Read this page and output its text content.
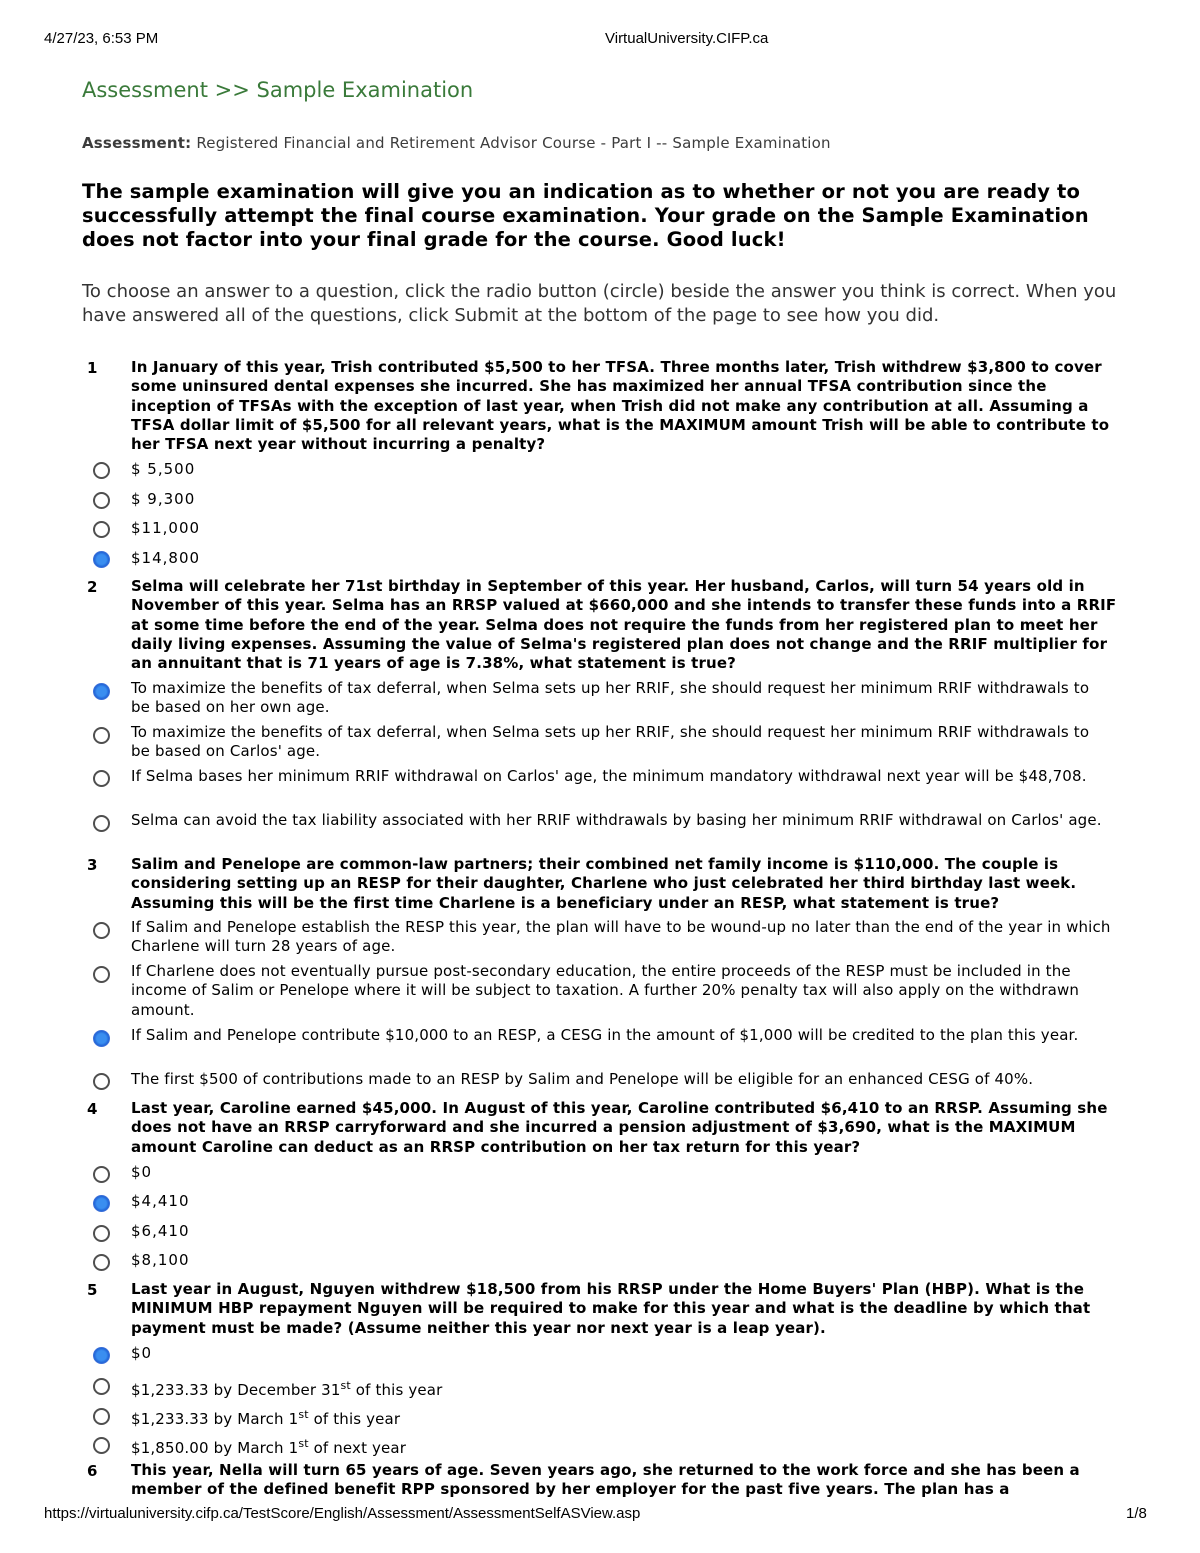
4/27/23, 6:53 PM	VirtualUniversity.CIFP.ca
Assessment >> Sample Examination
Assessment: Registered Financial and Retirement Advisor Course - Part I -- Sample Examination
The sample examination will give you an indication as to whether or not you are ready to successfully attempt the final course examination. Your grade on the Sample Examination does not factor into your final grade for the course. Good luck!
To choose an answer to a question, click the radio button (circle) beside the answer you think is correct. When you have answered all of the questions, click Submit at the bottom of the page to see how you did.
1 In January of this year, Trish contributed $5,500 to her TFSA. Three months later, Trish withdrew $3,800 to cover some uninsured dental expenses she incurred. She has maximized her annual TFSA contribution since the inception of TFSAs with the exception of last year, when Trish did not make any contribution at all. Assuming a TFSA dollar limit of $5,500 for all relevant years, what is the MAXIMUM amount Trish will be able to contribute to her TFSA next year without incurring a penalty?
$ 5,500
$ 9,300
$11,000
$14,800
2 Selma will celebrate her 71st birthday in September of this year. Her husband, Carlos, will turn 54 years old in November of this year. Selma has an RRSP valued at $660,000 and she intends to transfer these funds into a RRIF at some time before the end of the year. Selma does not require the funds from her registered plan to meet her daily living expenses. Assuming the value of Selma's registered plan does not change and the RRIF multiplier for an annuitant that is 71 years of age is 7.38%, what statement is true?
To maximize the benefits of tax deferral, when Selma sets up her RRIF, she should request her minimum RRIF withdrawals to be based on her own age.
To maximize the benefits of tax deferral, when Selma sets up her RRIF, she should request her minimum RRIF withdrawals to be based on Carlos' age.
If Selma bases her minimum RRIF withdrawal on Carlos' age, the minimum mandatory withdrawal next year will be $48,708.
Selma can avoid the tax liability associated with her RRIF withdrawals by basing her minimum RRIF withdrawal on Carlos' age.
3 Salim and Penelope are common-law partners; their combined net family income is $110,000. The couple is considering setting up an RESP for their daughter, Charlene who just celebrated her third birthday last week. Assuming this will be the first time Charlene is a beneficiary under an RESP, what statement is true?
If Salim and Penelope establish the RESP this year, the plan will have to be wound-up no later than the end of the year in which Charlene will turn 28 years of age.
If Charlene does not eventually pursue post-secondary education, the entire proceeds of the RESP must be included in the income of Salim or Penelope where it will be subject to taxation. A further 20% penalty tax will also apply on the withdrawn amount.
If Salim and Penelope contribute $10,000 to an RESP, a CESG in the amount of $1,000 will be credited to the plan this year.
The first $500 of contributions made to an RESP by Salim and Penelope will be eligible for an enhanced CESG of 40%.
4 Last year, Caroline earned $45,000. In August of this year, Caroline contributed $6,410 to an RRSP. Assuming she does not have an RRSP carryforward and she incurred a pension adjustment of $3,690, what is the MAXIMUM amount Caroline can deduct as an RRSP contribution on her tax return for this year?
$0
$4,410
$6,410
$8,100
5 Last year in August, Nguyen withdrew $18,500 from his RRSP under the Home Buyers' Plan (HBP). What is the MINIMUM HBP repayment Nguyen will be required to make for this year and what is the deadline by which that payment must be made? (Assume neither this year nor next year is a leap year).
$0
$1,233.33 by December 31st of this year
$1,233.33 by March 1st of this year
$1,850.00 by March 1st of next year
6 This year, Nella will turn 65 years of age. Seven years ago, she returned to the work force and she has been a member of the defined benefit RPP sponsored by her employer for the past five years. The plan has a
https://virtualuniversity.cifp.ca/TestScore/English/Assessment/AssessmentSelfASView.asp	1/8
